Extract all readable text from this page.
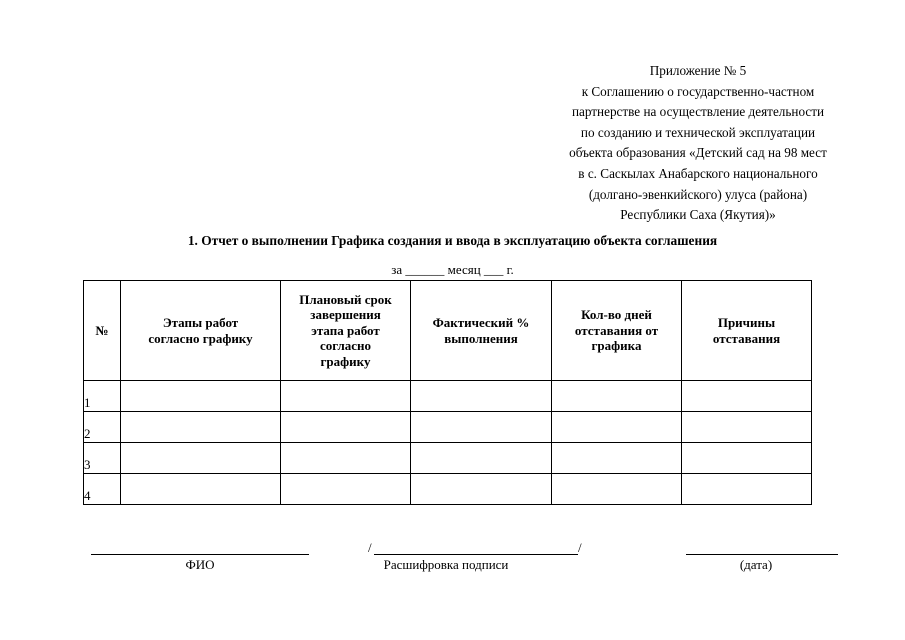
Приложение № 5
к Соглашению о государственно-частном
партнерстве на осуществление деятельности
по созданию и технической эксплуатации
объекта образования «Детский сад на 98 мест
в с. Саскылах Анабарского национального
(долгано-эвенкийского) улуса (района)
Республики Саха (Якутия)»
1. Отчет о выполнении Графика создания и ввода в эксплуатацию объекта соглашения
за ______ месяц ___ г.
№	Этапы работ согласно графику	Плановый срок завершения этапа работ согласно графику	Фактический % выполнения	Кол-во дней отставания от графика	Причины отставания

1					
2					
3					
4					
ФИО
/	/
Расшифровка подписи	(дата)
